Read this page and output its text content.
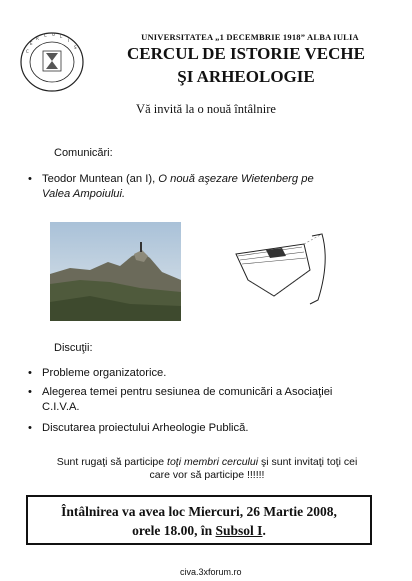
C
E
R
C U L
I
S
UNIVERSITATEA „1 DECEMBRIE 1918” ALBA IULIA
CERCUL DE ISTORIE VECHE
ŞI ARHEOLOGIE
Vă invită la o nouă întâlnire
Comunicări:
• Teodor Muntean (an I), O nouă aşezare Wietenberg pe
Valea Ampoiului.
Discuţii:
• Probleme organizatorice.
• Alegerea temei pentru sesiunea de comunicări a Asociaţiei
C.I.V.A.
• Discutarea proiectului Arheologie Publică.
Sunt rugaţi să participe toţi membri cercului şi sunt invitaţi toţi cei
care vor să participe !!!!!!
Întâlnirea va avea loc Miercuri, 26 Martie 2008,
orele 18.00, în Subsol I.
civa.3xforum.ro
